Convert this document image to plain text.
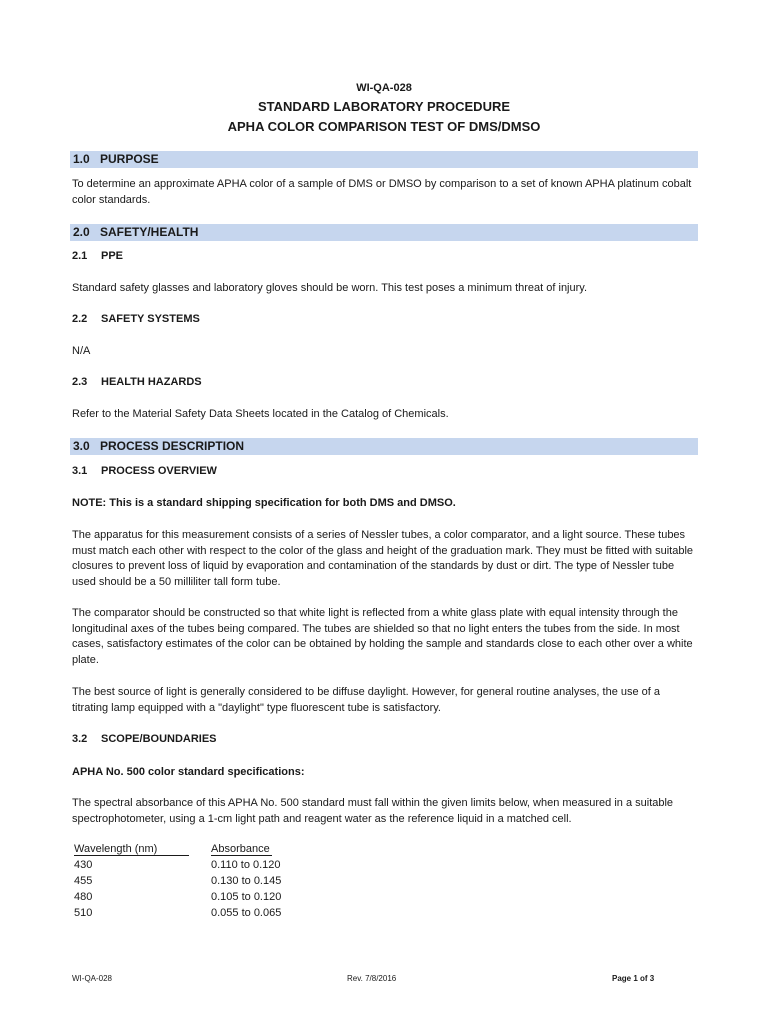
WI-QA-028
STANDARD LABORATORY PROCEDURE
APHA COLOR COMPARISON TEST OF DMS/DMSO
1.0 PURPOSE

To determine an approximate APHA color of a sample of DMS or DMSO by comparison to a set of known APHA platinum cobalt color standards.

2.0 SAFETY/HEALTH
2.1 PPE

Standard safety glasses and laboratory gloves should be worn. This test poses a minimum threat of injury.

2.2 SAFETY SYSTEMS

N/A

2.3 HEALTH HAZARDS

Refer to the Material Safety Data Sheets located in the Catalog of Chemicals.

3.0 PROCESS DESCRIPTION
3.1 PROCESS OVERVIEW

NOTE: This is a standard shipping specification for both DMS and DMSO.

The apparatus for this measurement consists of a series of Nessler tubes, a color comparator, and a light source. These tubes must match each other with respect to the color of the glass and height of the graduation mark. They must be fitted with suitable closures to prevent loss of liquid by evaporation and contamination of the standards by dust or dirt. The type of Nessler tube used should be a 50 milliliter tall form tube.

The comparator should be constructed so that white light is reflected from a white glass plate with equal intensity through the longitudinal axes of the tubes being compared. The tubes are shielded so that no light enters the tubes from the side. In most cases, satisfactory estimates of the color can be obtained by holding the sample and standards close to each other over a white plate.

The best source of light is generally considered to be diffuse daylight. However, for general routine analyses, the use of a titrating lamp equipped with a "daylight" type fluorescent tube is satisfactory.

3.2 SCOPE/BOUNDARIES

APHA No. 500 color standard specifications:

The spectral absorbance of this APHA No. 500 standard must fall within the given limits below, when measured in a suitable spectrophotometer, using a 1-cm light path and reagent water as the reference liquid in a matched cell.

Wavelength (nm)	Absorbance
430	0.110 to 0.120
455	0.130 to 0.145
480	0.105 to 0.120
510	0.055 to 0.065
WI-QA-028	Rev. 7/8/2016	Page 1 of 3
